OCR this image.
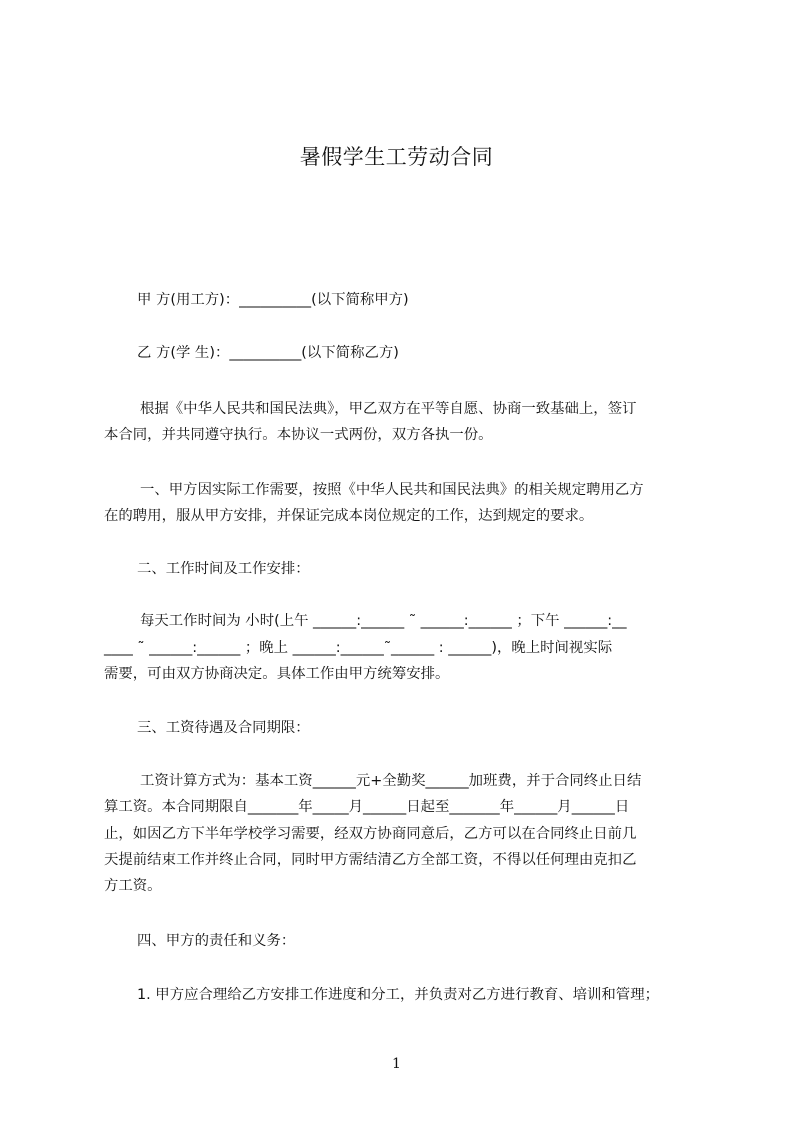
暑假学生工劳动合同
甲 方(用工方)：__________(以下简称甲方)
乙 方(学 生)：__________(以下简称乙方)
根据《中华人民共和国民法典》，甲乙双方在平等自愿、协商一致基础上，签订
本合同，并共同遵守执行。本协议一式两份，双方各执一份。
一、甲方因实际工作需要，按照《中华人民共和国民法典》的相关规定聘用乙方
在的聘用，服从甲方安排，并保证完成本岗位规定的工作，达到规定的要求。
二、工作时间及工作安排：
每天工作时间为 小时(上午 ______:______ ˜ ______:______ ；下午 ______:__
____ ˜ ______:______ ；晚上 ______:______˜______ : ______)，晚上时间视实际
需要，可由双方协商决定。具体工作由甲方统筹安排。
三、工资待遇及合同期限：
工资计算方式为：基本工资______元+全勤奖______加班费，并于合同终止日结
算工资。本合同期限自_______年_____月______日起至_______年______月______日
止，如因乙方下半年学校学习需要，经双方协商同意后，乙方可以在合同终止日前几
天提前结束工作并终止合同，同时甲方需结清乙方全部工资，不得以任何理由克扣乙
方工资。
四、甲方的责任和义务：
1. 甲方应合理给乙方安排工作进度和分工，并负责对乙方进行教育、培训和管理；
1
